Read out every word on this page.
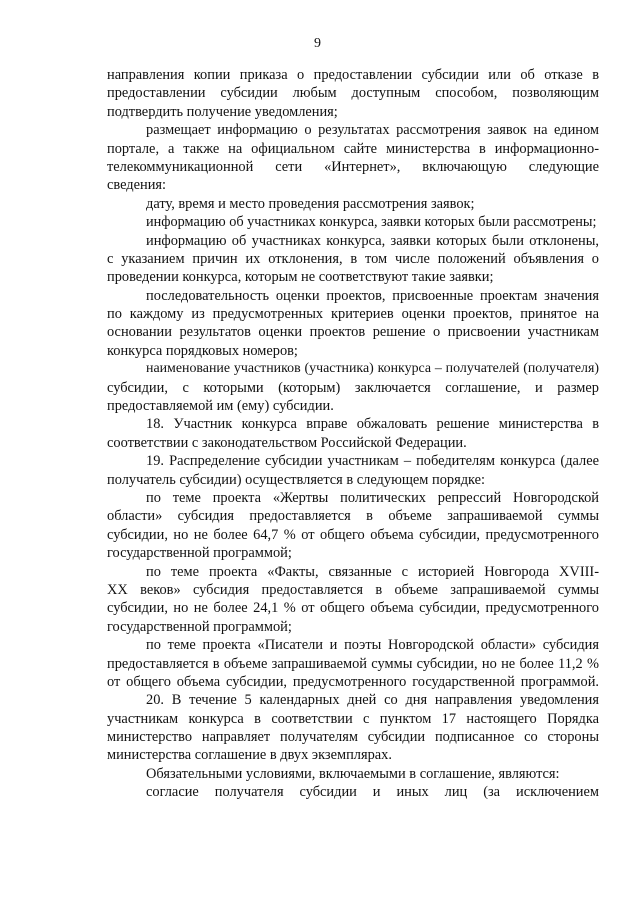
9
направления копии приказа о предоставлении субсидии или об отказе в
предоставлении субсидии любым доступным способом, позволяющим
подтвердить получение уведомления;
размещает информацию о результатах рассмотрения заявок на едином
портале, а также на официальном сайте министерства в информационно-
телекоммуникационной сети «Интернет», включающую следующие
сведения:
дату, время и место проведения рассмотрения заявок;
информацию об участниках конкурса, заявки которых были рассмотрены;
информацию об участниках конкурса, заявки которых были отклонены,
с указанием причин их отклонения, в том числе положений объявления о
проведении конкурса, которым не соответствуют такие заявки;
последовательность оценки проектов, присвоенные проектам значения
по каждому из предусмотренных критериев оценки проектов, принятое на
основании результатов оценки проектов решение о присвоении участникам
конкурса порядковых номеров;
наименование участников (участника) конкурса – получателей (получателя)
субсидии, с которыми (которым) заключается соглашение, и размер
предоставляемой им (ему) субсидии.
18. Участник конкурса вправе обжаловать решение министерства в
соответствии с законодательством Российской Федерации.
19. Распределение субсидии участникам – победителям конкурса (далее
получатель субсидии) осуществляется в следующем порядке:
по теме проекта «Жертвы политических репрессий Новгородской
области» субсидия предоставляется в объеме запрашиваемой суммы
субсидии, но не более 64,7 % от общего объема субсидии, предусмотренного
государственной программой;
по теме проекта «Факты, связанные с историей Новгорода XVIII-
XX веков» субсидия предоставляется в объеме запрашиваемой суммы
субсидии, но не более 24,1 % от общего объема субсидии, предусмотренного
государственной программой;
по теме проекта «Писатели и поэты Новгородской области» субсидия
предоставляется в объеме запрашиваемой суммы субсидии, но не более 11,2 %
от общего объема субсидии, предусмотренного государственной программой.
20. В течение 5 календарных дней со дня направления уведомления
участникам конкурса в соответствии с пунктом 17 настоящего Порядка
министерство направляет получателям субсидии подписанное со стороны
министерства соглашение в двух экземплярах.
Обязательными условиями, включаемыми в соглашение, являются:
согласие получателя субсидии и иных лиц (за исключением
